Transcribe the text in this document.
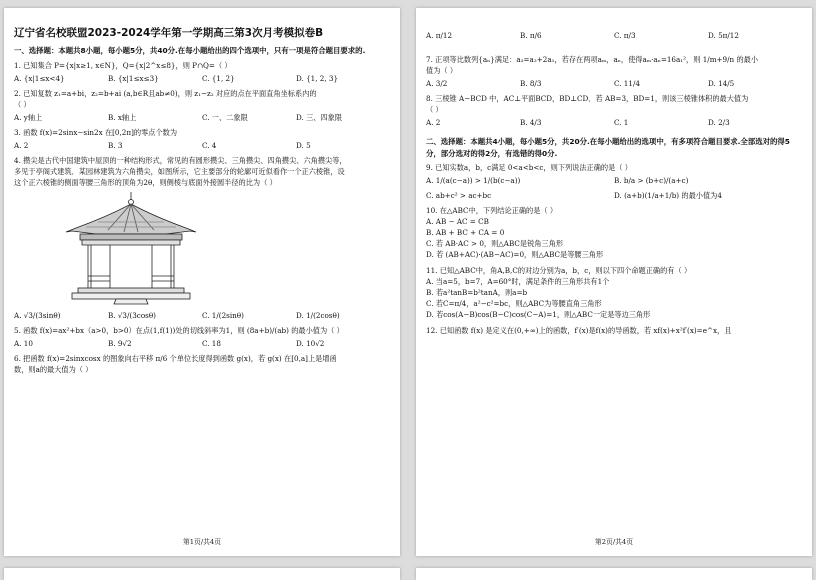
辽宁省名校联盟2023-2024学年第一学期高三第3次月考模拟卷B
一、选择题：本题共8小题，每小题5分，共40分.在每小题给出的四个选项中，只有一项是符合题目要求的.

1. 已知集合 P={x|x≥1, x∈N}，Q={x|2^x≤8}，则 P∩Q=（ ）

A. {x|1≤x<4}	B. {x|1≤x≤3}	C. {1, 2}	D. {1, 2, 3}

2. 已知复数 z₁=a+bi，z₂=b+ai (a,b∈R且ab≠0)，则 z₁−z₂ 对应的点在平面直角坐标系内的

（ ）

A. y轴上	B. x轴上	C. 一、二象限	D. 三、四象限

3. 函数 f(x)=2sinx−sin2x 在[0,2π]的零点个数为

A. 2	B. 3	C. 4	D. 5

4. 攒尖是古代中国建筑中屋顶的一种结构形式，常见的有圆形攒尖、三角攒尖、四角攒尖、六角攒尖等，

多见于亭阁式建筑．某园林建筑为六角攒尖，如图所示，它主要部分的轮廓可近似看作一个正六棱锥，设

这个正六棱锥的侧面等腰三角形的顶角为2θ，则侧棱与底面外接圆半径的比为（ ）

A. √3/(3sinθ)	B. √3/(3cosθ)	C. 1/(2sinθ)	D. 1/(2cosθ)

5. 函数 f(x)=ax²+bx（a>0，b>0）在点(1,f(1))处的切线斜率为1，则 (8a+b)/(ab) 的最小值为（ ）

A. 10	B. 9√2	C. 18	D. 10√2

6. 把函数 f(x)=2sinxcosx 的图象向右平移 π/6 个单位长度得到函数 g(x)，若 g(x) 在[0,a]上是增函

数，则a的最大值为（ ）

第1页/共4页
A. π/12	B. π/6	C. π/3	D. 5π/12

7. 正项等比数列{aₙ}满足：a₃=a₂+2a₁，若存在两项aₘ，aₙ，使得aₘ·aₙ=16a₁²，则 1/m+9/n 的最小

值为（ ）

A. 3/2	B. 8/3	C. 11/4	D. 14/5

8. 三棱锥 A−BCD 中，AC⊥平面BCD，BD⊥CD．若 AB=3，BD=1，则该三棱锥体积的最大值为

（ ）

A. 2	B. 4/3	C. 1	D. 2/3
二、选择题：本题共4小题，每小题5分，共20分.在每小题给出的选项中，有多项符合题目要求.全部选对的得5分，部分选对的得2分，有选错的得0分.

9. 已知实数a，b，c满足 0<a<b<c，则下列说法正确的是（ ）

A. 1/(a(c−a)) > 1/(b(c−a))	B. b/a > (b+c)/(a+c)
C. ab+c² > ac+bc	D. (a+b)(1/a+1/b) 的最小值为4

10. 在△ABC中，下列结论正确的是（ ）

A. AB − AC = CB

B. AB + BC + CA = 0

C. 若 AB·AC > 0，则△ABC是锐角三角形

D. 若 (AB+AC)·(AB−AC)=0，则△ABC是等腰三角形

11. 已知△ABC中，角A,B,C的对边分别为a，b，c，则以下四个命题正确的有（ ）

A. 当a=5，b=7，A=60°时，满足条件的三角形共有1个

B. 若a²tanB=b²tanA，则a=b

C. 若C=π/4，a²−c²=bc，则△ABC为等腰直角三角形

D. 若cos(A−B)cos(B−C)cos(C−A)=1，则△ABC一定是等边三角形

12. 已知函数 f(x) 是定义在(0,+∞)上的函数，f′(x)是f(x)的导函数，若 xf(x)+x²f′(x)=e^x，且

第2页/共4页
